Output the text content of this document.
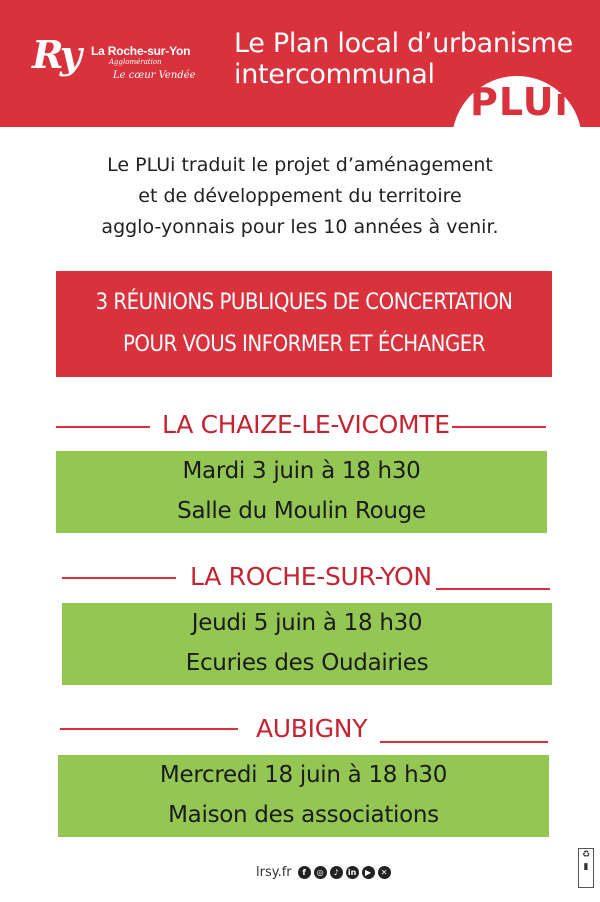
Ry La Roche-sur-Yon
Agglomération
Le cœur Vendée
Le Plan local d’urbanisme
intercommunal
PLUi
Le PLUi traduit le projet d’aménagement
et de développement du territoire
agglo-yonnais pour les 10 années à venir.
3 RÉUNIONS PUBLIQUES DE CONCERTATION
POUR VOUS INFORMER ET ÉCHANGER
LA CHAIZE-LE-VICOMTE
Mardi 3 juin à 18 h30
Salle du Moulin Rouge
LA ROCHE-SUR-YON
Jeudi 5 juin à 18 h30
Ecuries des Oudairies
AUBIGNY
Mercredi 18 juin à 18 h30
Maison des associations
lrsy.fr	f	◎	♪	in	▶	✕
♻
▮
